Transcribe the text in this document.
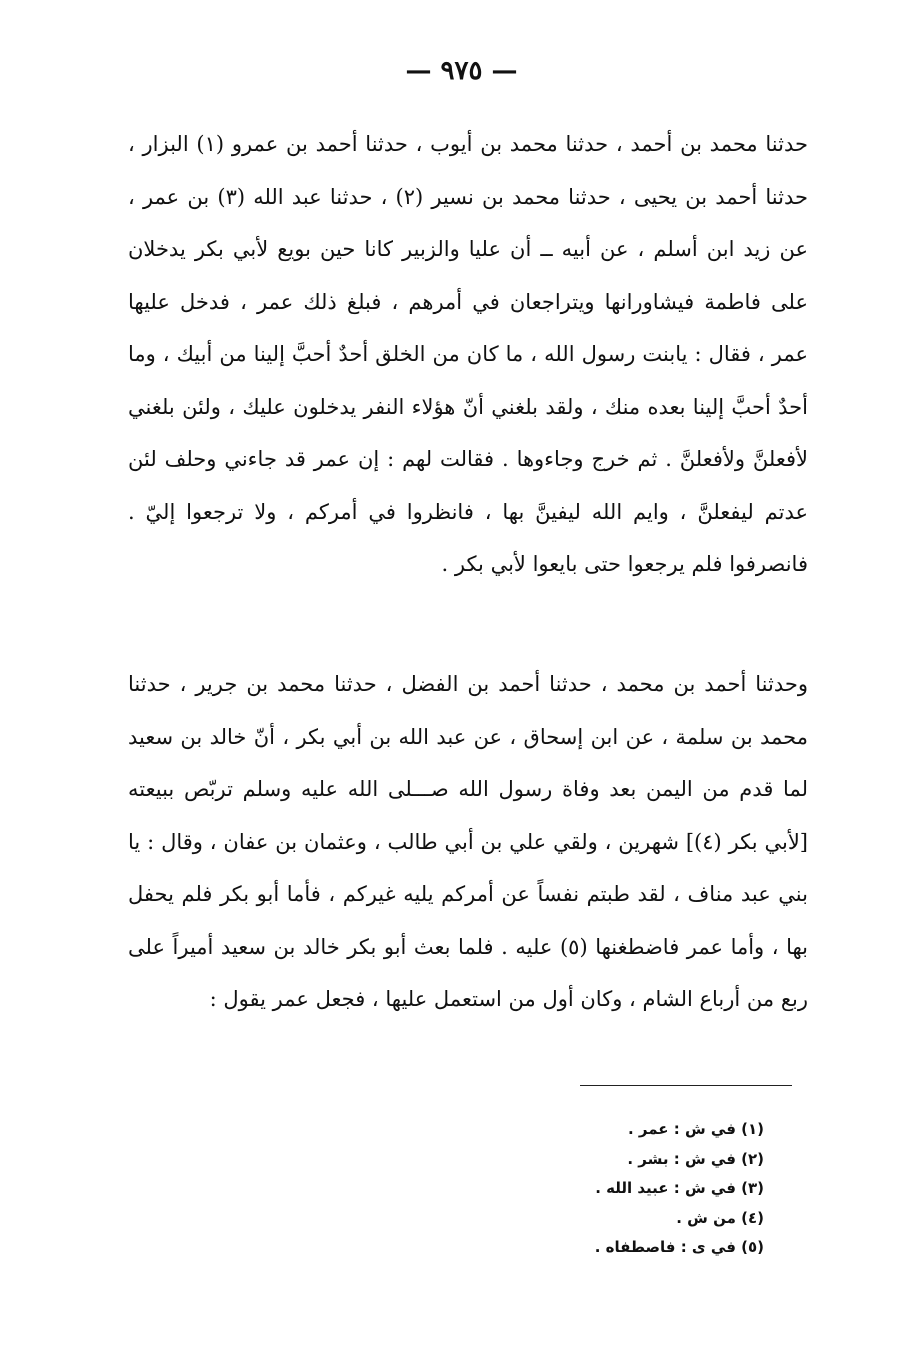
— ٩٧٥ —

حدثنا محمد بن أحمد ، حدثنا محمد بن أيوب ، حدثنا أحمد بن عمرو (١) البزار ، حدثنا أحمد بن يحيى ، حدثنا محمد بن نسير (٢) ، حدثنا عبد الله (٣) بن عمر ، عن زيد ابن أسلم ، عن أبيه ــ أن عليا والزبير كانا حين بويع لأبي بكر يدخلان على فاطمة فيشاورانها ويتراجعان في أمرهم ، فبلغ ذلك عمر ، فدخل عليها عمر ، فقال : يابنت رسول الله ، ما كان من الخلق أحدٌ أحبَّ إلينا من أبيك ، وما أحدٌ أحبَّ إلينا بعده منك ، ولقد بلغني أنّ هؤلاء النفر يدخلون عليك ، ولئن بلغني لأفعلنَّ ولأفعلنَّ . ثم خرج وجاءوها . فقالت لهم : إن عمر قد جاءني وحلف لئن عدتم ليفعلنَّ ، وايم الله ليفينَّ بها ، فانظروا في أمركم ، ولا ترجعوا إليّ . فانصرفوا فلم يرجعوا حتى بايعوا لأبي بكر .

وحدثنا أحمد بن محمد ، حدثنا أحمد بن الفضل ، حدثنا محمد بن جرير ، حدثنا محمد بن سلمة ، عن ابن إسحاق ، عن عبد الله بن أبي بكر ، أنّ خالد بن سعيد لما قدم من اليمن بعد وفاة رسول الله صـــلى الله عليه وسلم تربّص ببيعته [لأبي بكر (٤)] شهرين ، ولقي علي بن أبي طالب ، وعثمان بن عفان ، وقال : يا بني عبد مناف ، لقد طبتم نفساً عن أمركم يليه غيركم ، فأما أبو بكر فلم يحفل بها ، وأما عمر فاضطغنها (٥) عليه . فلما بعث أبو بكر خالد بن سعيد أميراً على ربع من أرباع الشام ، وكان أول من استعمل عليها ، فجعل عمر يقول :

(١) في ش : عمر .
(٢) في ش : بشر .
(٣) في ش : عبيد الله .
(٤) من ش .
(٥) في ى : فاصطفاه .
